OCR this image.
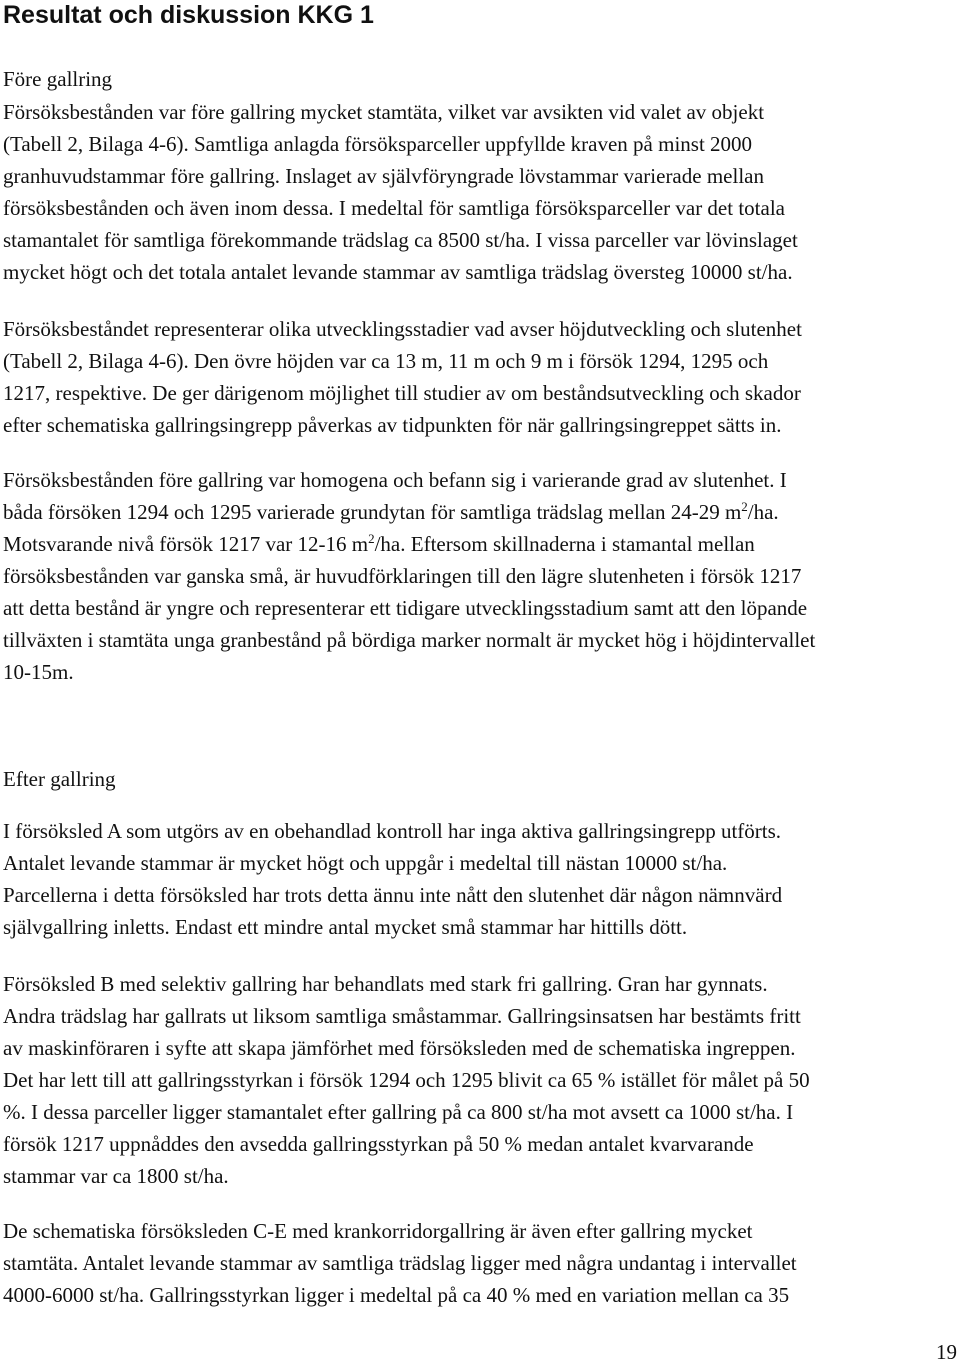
Resultat och diskussion KKG 1
Före gallring
Försöksbestånden var före gallring mycket stamtäta, vilket var avsikten vid valet av objekt
(Tabell 2, Bilaga 4-6). Samtliga anlagda försöksparceller uppfyllde kraven på minst 2000
granhuvudstammar före gallring. Inslaget av självföryngrade lövstammar varierade mellan
försöksbestånden och även inom dessa. I medeltal för samtliga försöksparceller var det totala
stamantalet för samtliga förekommande trädslag ca 8500 st/ha. I vissa parceller var lövinslaget
mycket högt och det totala antalet levande stammar av samtliga trädslag översteg 10000 st/ha.
Försöksbeståndet representerar olika utvecklingsstadier vad avser höjdutveckling och slutenhet
(Tabell 2, Bilaga 4-6). Den övre höjden var ca 13 m, 11 m och 9 m i försök 1294, 1295 och
1217, respektive. De ger därigenom möjlighet till studier av om beståndsutveckling och skador
efter schematiska gallringsingrepp påverkas av tidpunkten för när gallringsingreppet sätts in.
Försöksbestånden före gallring var homogena och befann sig i varierande grad av slutenhet. I
båda försöken 1294 och 1295 varierade grundytan för samtliga trädslag mellan 24-29 $m^2/ha$.
Motsvarande nivå försök 1217 var 12-16 $m^2/ha$. Eftersom skillnaderna i stamantal mellan
försöksbestånden var ganska små, är huvudförklaringen till den lägre slutenheten i försök 1217
att detta bestånd är yngre och representerar ett tidigare utvecklingsstadium samt att den löpande
tillväxten i stamtäta unga granbestånd på bördiga marker normalt är mycket hög i höjdintervallet
10-15m.
Efter gallring
I försöksled A som utgörs av en obehandlad kontroll har inga aktiva gallringsingrepp utförts.
Antalet levande stammar är mycket högt och uppgår i medeltal till nästan 10000 st/ha.
Parcellerna i detta försöksled har trots detta ännu inte nått den slutenhet där någon nämnvärd
självgallring inletts. Endast ett mindre antal mycket små stammar har hittills dött.
Försöksled B med selektiv gallring har behandlats med stark fri gallring. Gran har gynnats.
Andra trädslag har gallrats ut liksom samtliga småstammar. Gallringsinsatsen har bestämts fritt
av maskinföraren i syfte att skapa jämförhet med försöksleden med de schematiska ingreppen.
Det har lett till att gallringsstyrkan i försök 1294 och 1295 blivit ca 65 % istället för målet på 50
%. I dessa parceller ligger stamantalet efter gallring på ca 800 st/ha mot avsett ca 1000 st/ha. I
försök 1217 uppnåddes den avsedda gallringsstyrkan på 50 % medan antalet kvarvarande
stammar var ca 1800 st/ha.
De schematiska försöksleden C-E med krankorridorgallring är även efter gallring mycket
stamtäta. Antalet levande stammar av samtliga trädslag ligger med några undantag i intervallet
4000-6000 st/ha. Gallringsstyrkan ligger i medeltal på ca 40 % med en variation mellan ca 35
19
